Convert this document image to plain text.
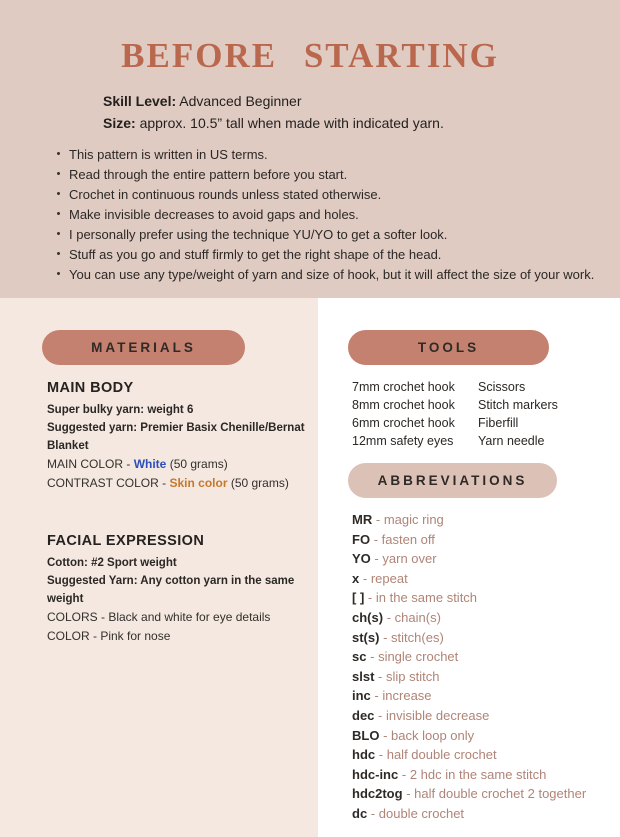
BEFORE STARTING
Skill Level: Advanced Beginner
Size: approx. 10.5” tall when made with indicated yarn.
This pattern is written in US terms.
Read through the entire pattern before you start.
Crochet in continuous rounds unless stated otherwise.
Make invisible decreases to avoid gaps and holes.
I personally prefer using the technique YU/YO to get a softer look.
Stuff as you go and stuff firmly to get the right shape of the head.
You can use any type/weight of yarn and size of hook, but it will affect the size of your work.
MATERIALS
MAIN BODY
Super bulky yarn: weight 6
Suggested yarn: Premier Basix Chenille/Bernat Blanket
MAIN COLOR - White (50 grams)
CONTRAST COLOR - Skin color (50 grams)
FACIAL EXPRESSION
Cotton: #2 Sport weight
Suggested Yarn: Any cotton yarn in the same weight
COLORS - Black and white for eye details
COLOR - Pink for nose
TOOLS
7mm crochet hook
8mm crochet hook
6mm crochet hook
12mm safety eyes
Scissors
Stitch markers
Fiberfill
Yarn needle
ABBREVIATIONS
MR - magic ring
FO - fasten off
YO - yarn over
x - repeat
[ ] - in the same stitch
ch(s) - chain(s)
st(s) - stitch(es)
sc - single crochet
slst - slip stitch
inc - increase
dec - invisible decrease
BLO - back loop only
hdc - half double crochet
hdc-inc - 2 hdc in the same stitch
hdc2tog - half double crochet 2 together
dc - double crochet
